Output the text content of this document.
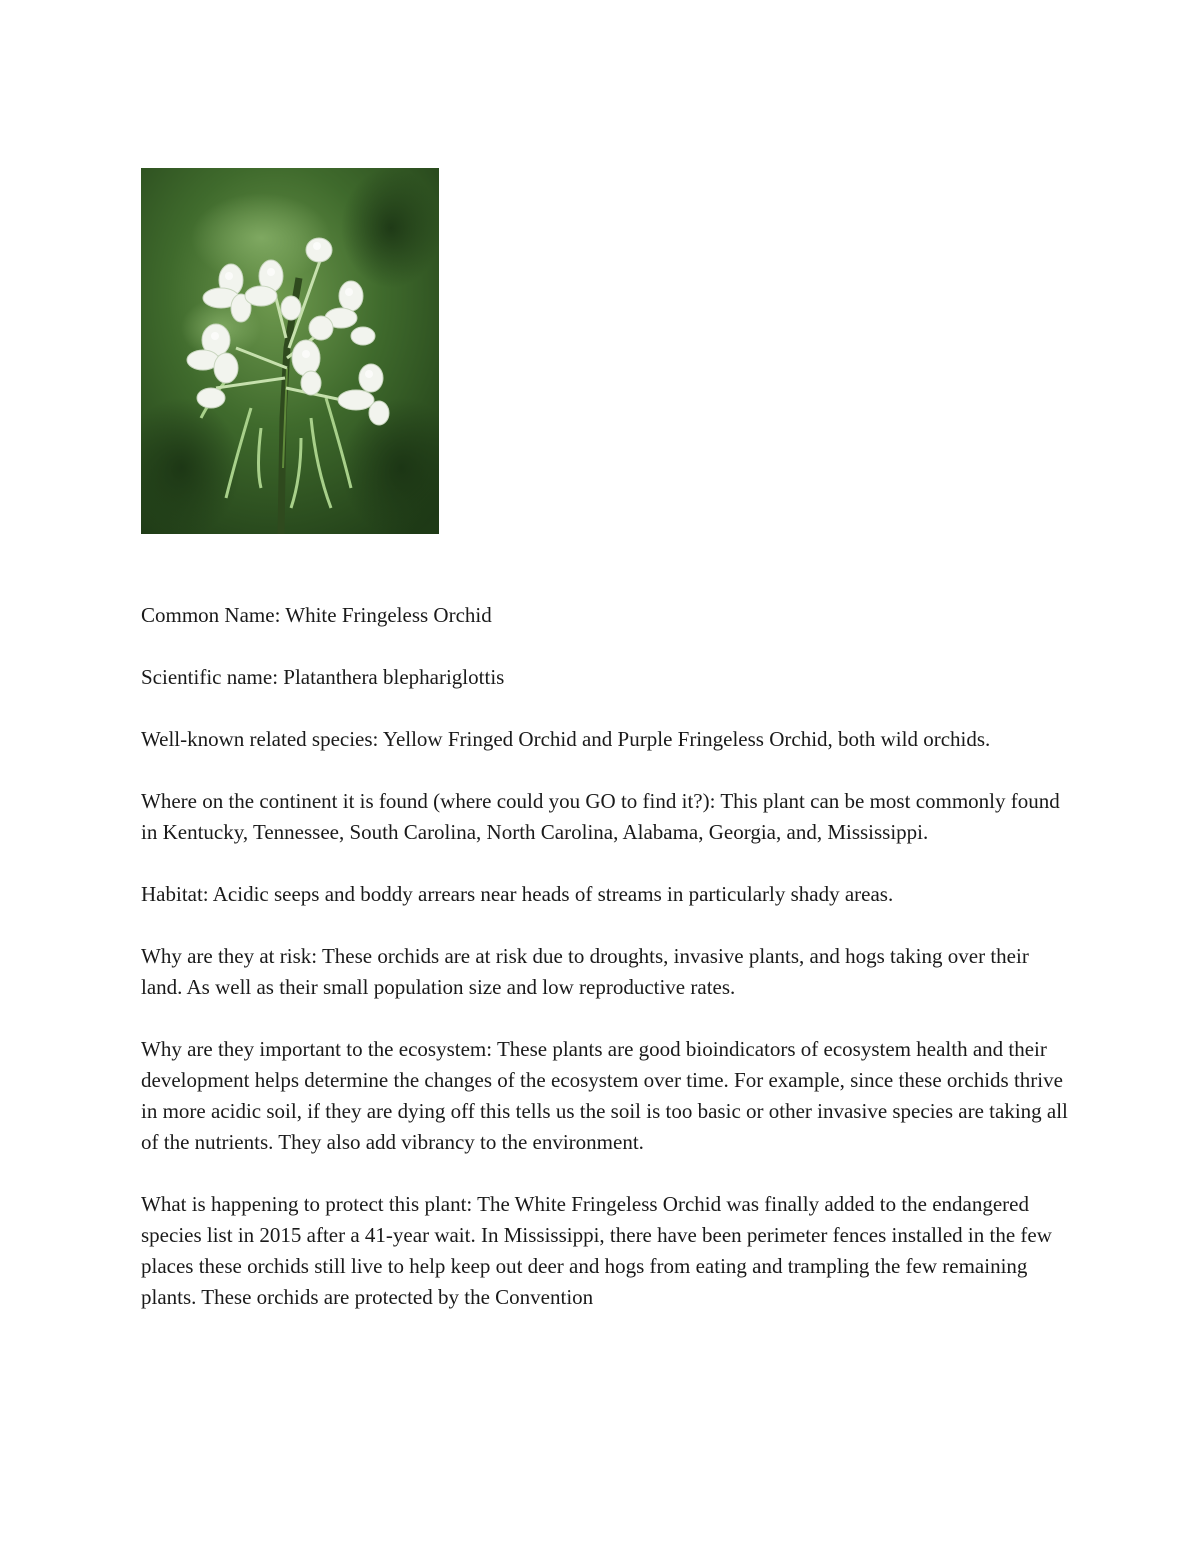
Common Name: White Fringeless Orchid

Scientific name: Platanthera blephariglottis

Well-known related species: Yellow Fringed Orchid and Purple Fringeless Orchid, both wild orchids.

Where on the continent it is found (where could you GO to find it?): This plant can be most commonly found in Kentucky, Tennessee, South Carolina, North Carolina, Alabama, Georgia, and, Mississippi.

Habitat: Acidic seeps and boddy arrears near heads of streams in particularly shady areas.

Why are they at risk: These orchids are at risk due to droughts, invasive plants, and hogs taking over their land. As well as their small population size and low reproductive rates.

Why are they important to the ecosystem: These plants are good bioindicators of ecosystem health and their development helps determine the changes of the ecosystem over time. For example, since these orchids thrive in more acidic soil, if they are dying off this tells us the soil is too basic or other invasive species are taking all of the nutrients. They also add vibrancy to the environment.

What is happening to protect this plant: The White Fringeless Orchid was finally added to the endangered species list in 2015 after a 41-year wait. In Mississippi, there have been perimeter fences installed in the few places these orchids still live to help keep out deer and hogs from eating and trampling the few remaining plants. These orchids are protected by the Convention
